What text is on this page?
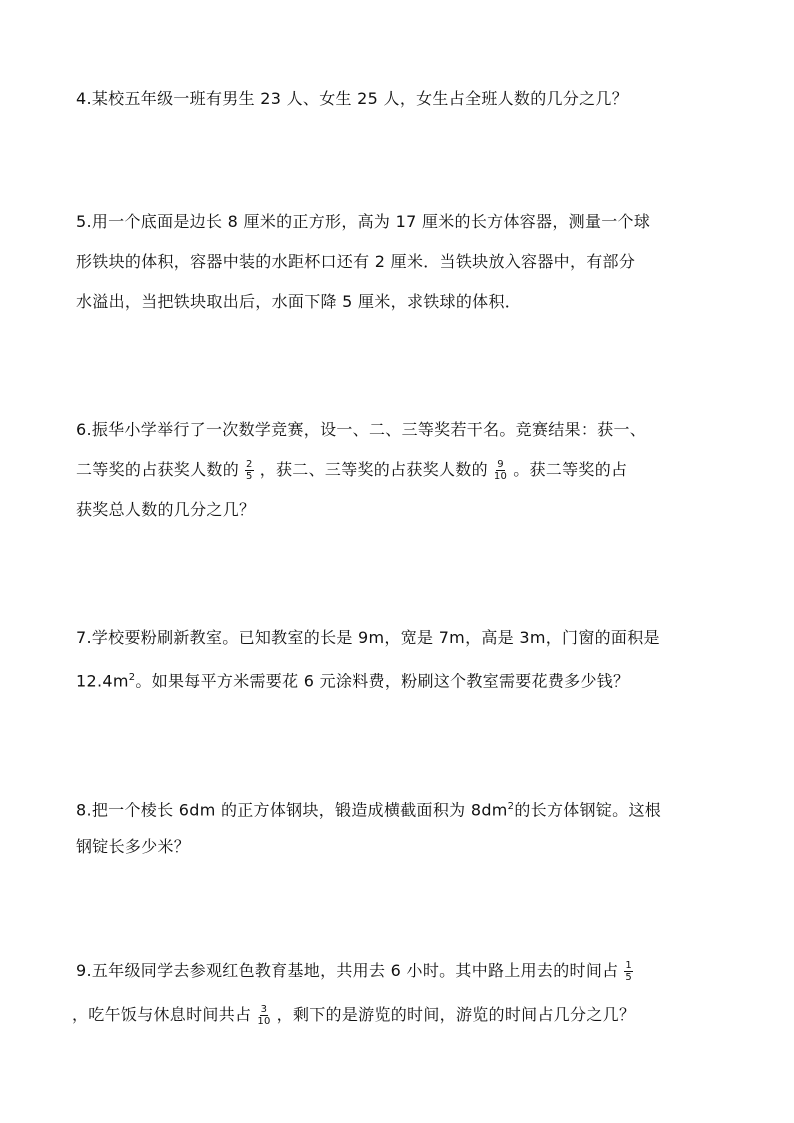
4.某校五年级一班有男生 23 人、女生 25 人，女生占全班人数的几分之几？
5.用一个底面是边长 8 厘米的正方形，高为 17 厘米的长方体容器，测量一个球
形铁块的体积，容器中装的水距杯口还有 2 厘米．当铁块放入容器中，有部分
水溢出，当把铁块取出后，水面下降 5 厘米，求铁球的体积．
6.振华小学举行了一次数学竞赛，设一、二、三等奖若干名。竞赛结果：获一、
二等奖的占获奖人数的 $\frac{2}{5}$ ，获二、三等奖的占获奖人数的 $\frac{9}{10}$ 。获二等奖的占
获奖总人数的几分之几？
7.学校要粉刷新教室。已知教室的长是 9m，宽是 7m，高是 3m，门窗的面积是
$12.4m^2$。如果每平方米需要花 6 元涂料费，粉刷这个教室需要花费多少钱？
8.把一个棱长 6dm 的正方体钢块，锻造成横截面积为 $8dm^2$的长方体钢锭。这根
钢锭长多少米？
9.五年级同学去参观红色教育基地，共用去 6 小时。其中路上用去的时间占 $\frac{1}{5}$
，吃午饭与休息时间共占 $\frac{3}{10}$ ，剩下的是游览的时间，游览的时间占几分之几？
